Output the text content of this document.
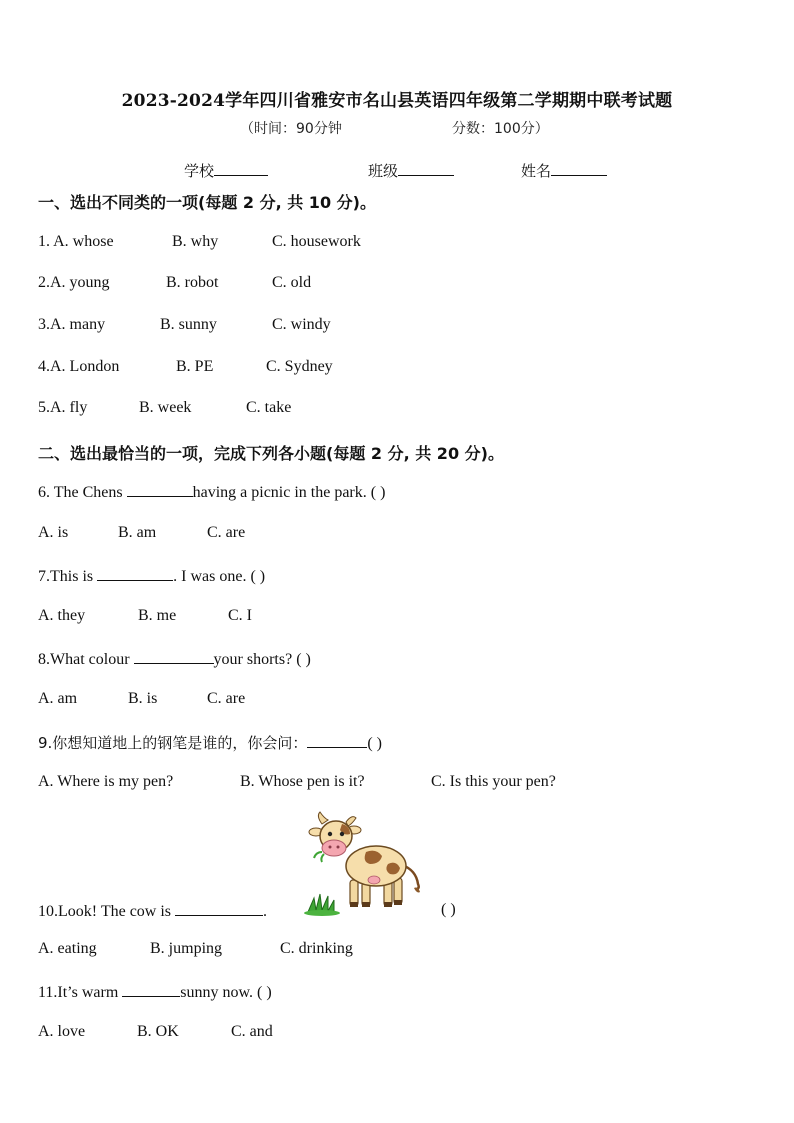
2023-2024学年四川省雅安市名山县英语四年级第二学期期中联考试题
（时间：90分钟	分数：100分）
学校	班级	姓名
一、选出不同类的一项(每题 2 分, 共 10 分)。
1. A. whose	B. why	C. housework
2.A. young	B. robot	C. old
3.A. many	B. sunny	C. windy
4.A. London	B. PE	C. Sydney
5.A. fly	B. week	C. take
二、选出最恰当的一项，完成下列各小题(每题 2 分, 共 20 分)。
6. The Chens	having a picnic in the park. ( )
A. is	B. am	C. are
7.This is	. I was one. ( )
A. they	B. me	C. I
8.What colour	your shorts? ( )
A. am	B. is	C. are
9.你想知道地上的钢笔是谁的，你会问：	( )
A. Where is my pen?	B. Whose pen is it?	C. Is this your pen?
10.Look! The cow is	.	( )
A. eating	B. jumping	C. drinking
11.It’s warm	sunny now. ( )
A. love	B. OK	C. and
